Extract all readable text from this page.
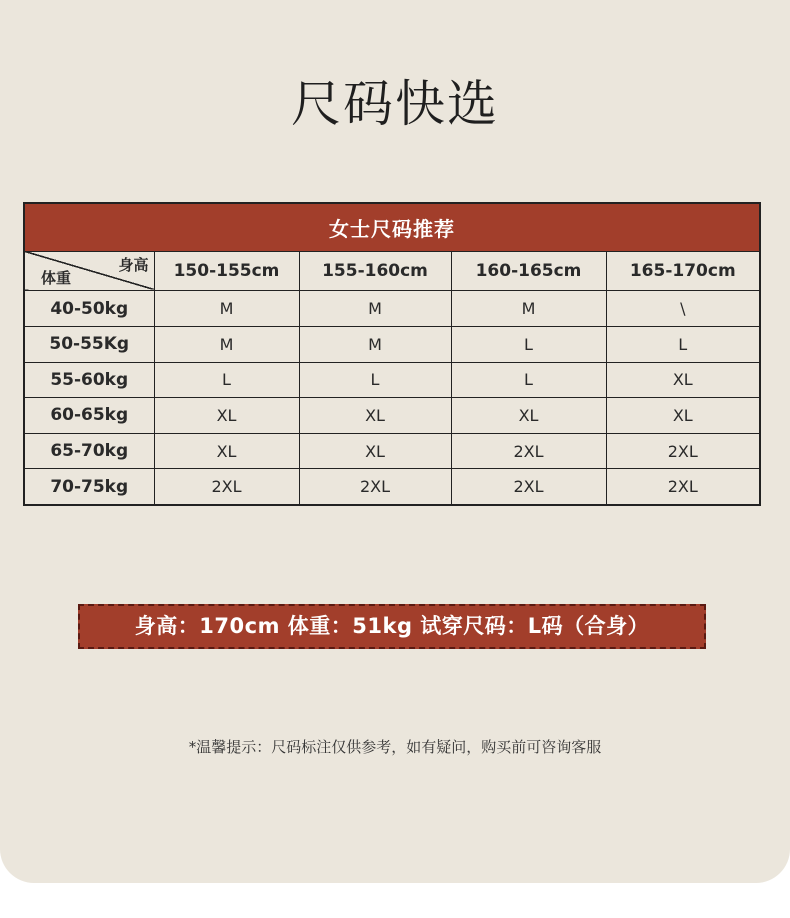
尺码快选
女士尺码推荐				

身高
体重	150-155cm	155-160cm	160-165cm	165-170cm
40-50kg	M	M	M	\
50-55Kg	M	M	L	L
55-60kg	L	L	L	XL
60-65kg	XL	XL	XL	XL
65-70kg	XL	XL	2XL	2XL
70-75kg	2XL	2XL	2XL	2XL
身高：170cm 体重：51kg 试穿尺码：L码（合身）
*温馨提示：尺码标注仅供参考，如有疑问，购买前可咨询客服
